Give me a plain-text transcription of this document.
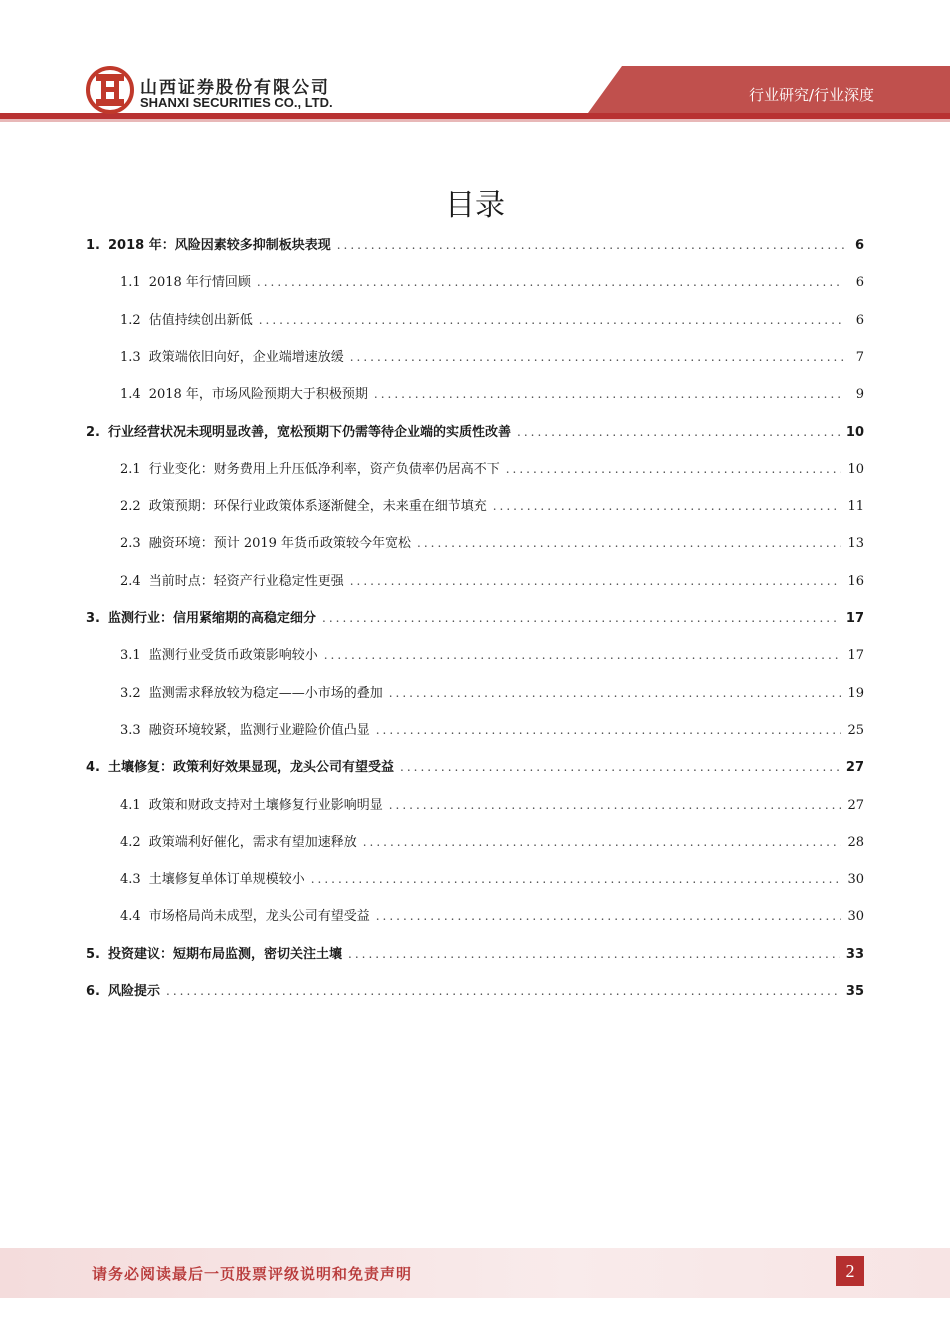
山西证券股份有限公司
SHANXI SECURITIES CO., LTD.	行业研究/行业深度
目录
1. 2018 年：风险因素较多抑制板块表现 .....	6
1.1 2018 年行情回顾 .....	6
1.2 估值持续创出新低 .....	6
1.3 政策端依旧向好，企业端增速放缓 .....	7
1.4 2018 年，市场风险预期大于积极预期 .....	9
2. 行业经营状况未现明显改善，宽松预期下仍需等待企业端的实质性改善 .....	10
2.1 行业变化：财务费用上升压低净利率，资产负债率仍居高不下 .....	10
2.2 政策预期：环保行业政策体系逐渐健全，未来重在细节填充 .....	11
2.3 融资环境：预计 2019 年货币政策较今年宽松 .....	13
2.4 当前时点：轻资产行业稳定性更强 .....	16
3. 监测行业：信用紧缩期的高稳定细分 .....	17
3.1 监测行业受货币政策影响较小 .....	17
3.2 监测需求释放较为稳定——小市场的叠加 .....	19
3.3 融资环境较紧，监测行业避险价值凸显 .....	25
4. 土壤修复：政策利好效果显现，龙头公司有望受益 .....	27
4.1 政策和财政支持对土壤修复行业影响明显 .....	27
4.2 政策端利好催化，需求有望加速释放 .....	28
4.3 土壤修复单体订单规模较小 .....	30
4.4 市场格局尚未成型，龙头公司有望受益 .....	30
5. 投资建议：短期布局监测，密切关注土壤 .....	33
6. 风险提示 .....	35
请务必阅读最后一页股票评级说明和免责声明	2
